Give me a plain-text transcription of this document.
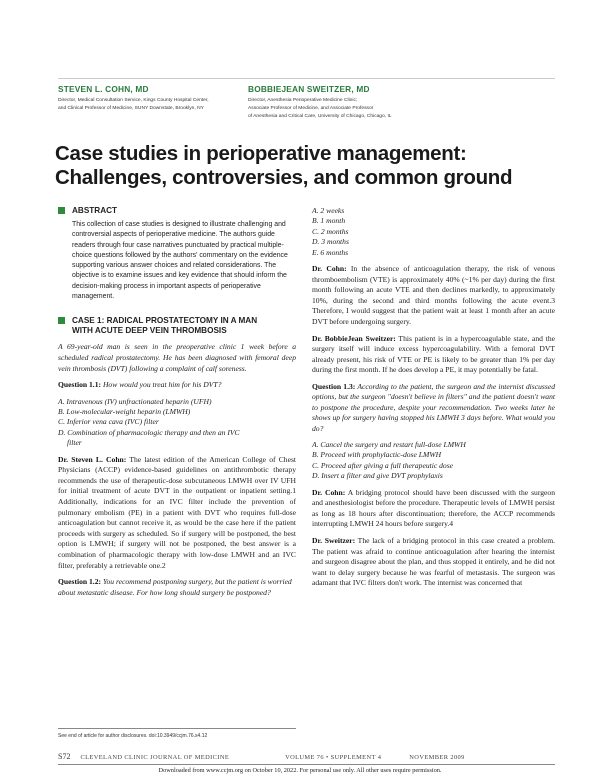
STEVEN L. COHN, MD
Director, Medical Consultation Service, Kings County Hospital Center,
and Clinical Professor of Medicine, SUNY Downstate, Brooklyn, NY
BOBBIEJEAN SWEITZER, MD
Director, Anesthesia Perioperative Medicine Clinic;
Associate Professor of Medicine, and Associate Professor
of Anesthesia and Critical Care, University of Chicago, Chicago, IL
Case studies in perioperative management:
Challenges, controversies, and common ground
ABSTRACT

This collection of case studies is designed to illustrate challenging and controversial aspects of perioperative medicine. The authors guide readers through four case narratives punctuated by practical multiple-choice questions followed by the authors' commentary on the evidence supporting various answer choices and related considerations. The objective is to examine issues and key evidence that should inform the decision-making process in important aspects of perioperative management.

CASE 1: RADICAL PROSTATECTOMY IN A MAN
WITH ACUTE DEEP VEIN THROMBOSIS

A 69-year-old man is seen in the preoperative clinic 1 week before a scheduled radical prostatectomy. He has been diagnosed with femoral deep vein thrombosis (DVT) following a complaint of calf soreness.

Question 1.1: How would you treat him for his DVT?

A. Intravenous (IV) unfractionated heparin (UFH)
B. Low-molecular-weight heparin (LMWH)
C. Inferior vena cava (IVC) filter
D. Combination of pharmacologic therapy and then an IVC
filter

Dr. Steven L. Cohn: The latest edition of the American College of Chest Physicians (ACCP) evidence-based guidelines on antithrombotic therapy recommends the use of therapeutic-dose subcutaneous LMWH over IV UFH for initial treatment of acute DVT in the outpatient or inpatient setting.1 Additionally, indications for an IVC filter include the prevention of pulmonary embolism (PE) in a patient with DVT who requires full-dose anticoagulation but cannot receive it, as would be the case here if the patient proceeds with surgery as scheduled. So if surgery will be postponed, the best option is LMWH; if surgery will not be postponed, the best answer is a combination of pharmacologic therapy with low-dose LMWH and an IVC filter, preferably a retrievable one.2

Question 1.2: You recommend postponing surgery, but the patient is worried about metastatic disease. For how long should surgery be postponed?

See end of article for author disclosures. doi:10.3949/ccjm.76.s4.12
A. 2 weeks
B. 1 month
C. 2 months
D. 3 months
E. 6 months

Dr. Cohn: In the absence of anticoagulation therapy, the risk of venous thromboembolism (VTE) is approximately 40% (~1% per day) during the first month following an acute VTE and then declines markedly, to approximately 10%, during the second and third months following the acute event.3 Therefore, I would suggest that the patient wait at least 1 month after an acute DVT before undergoing surgery.

Dr. BobbieJean Sweitzer: This patient is in a hypercoagulable state, and the surgery itself will induce excess hypercoagulability. With a femoral DVT already present, his risk of VTE or PE is likely to be greater than 1% per day during the first month. If he does develop a PE, it may potentially be fatal.

Question 1.3: According to the patient, the surgeon and the internist discussed options, but the surgeon "doesn't believe in filters" and the patient doesn't want to postpone the procedure, despite your recommendation. Two weeks later he shows up for surgery having stopped his LMWH 3 days before. What would you do?

A. Cancel the surgery and restart full-dose LMWH
B. Proceed with prophylactic-dose LMWH
C. Proceed after giving a full therapeutic dose
D. Insert a filter and give DVT prophylaxis

Dr. Cohn: A bridging protocol should have been discussed with the surgeon and anesthesiologist before the procedure. Therapeutic levels of LMWH persist as long as 18 hours after discontinuation; therefore, the ACCP recommends interrupting LMWH 24 hours before surgery.4

Dr. Sweitzer: The lack of a bridging protocol in this case created a problem. The patient was afraid to continue anticoagulation after hearing the internist and surgeon disagree about the plan, and thus stopped it entirely, and he did not want to delay surgery because he was fearful of metastasis. The surgeon was adamant that IVC filters don't work. The internist was concerned that

S72 CLEVELAND CLINIC JOURNAL OF MEDICINE	VOLUME 76 • SUPPLEMENT 4	NOVEMBER 2009
Downloaded from www.ccjm.org on October 10, 2022. For personal use only. All other uses require permission.
